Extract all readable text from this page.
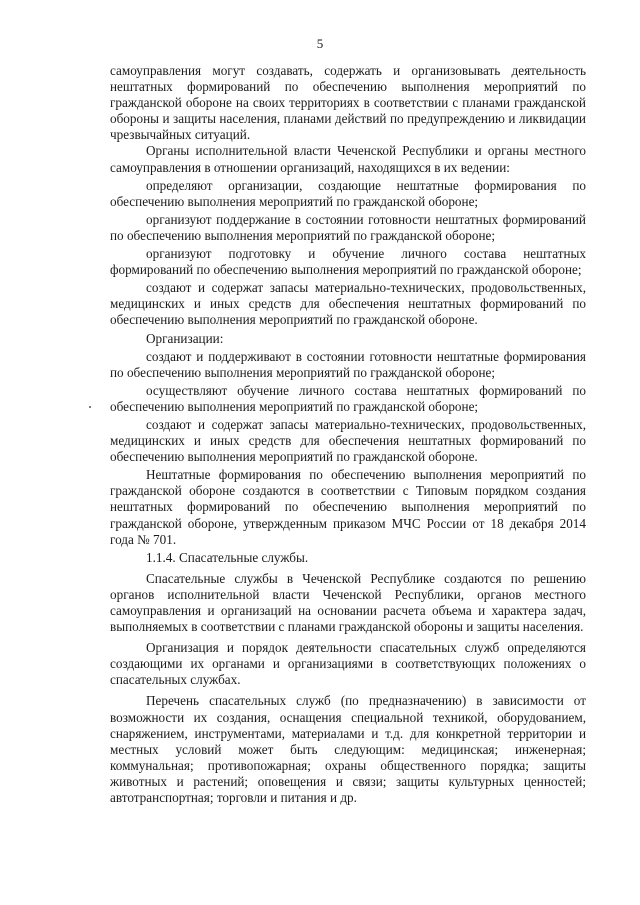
5

самоуправления могут создавать, содержать и организовывать деятельность нештатных формирований по обеспечению выполнения мероприятий по гражданской обороне на своих территориях в соответствии с планами гражданской обороны и защиты населения, планами действий по предупреждению и ликвидации чрезвычайных ситуаций.

Органы исполнительной власти Чеченской Республики и органы местного самоуправления в отношении организаций, находящихся в их ведении:

определяют организации, создающие нештатные формирования по обеспечению выполнения мероприятий по гражданской обороне;

организуют поддержание в состоянии готовности нештатных формирований по обеспечению выполнения мероприятий по гражданской обороне;

организуют подготовку и обучение личного состава нештатных формирований по обеспечению выполнения мероприятий по гражданской обороне;

создают и содержат запасы материально-технических, продовольственных, медицинских и иных средств для обеспечения нештатных формирований по обеспечению выполнения мероприятий по гражданской обороне.

Организации:

создают и поддерживают в состоянии готовности нештатные формирования по обеспечению выполнения мероприятий по гражданской обороне;

осуществляют обучение личного состава нештатных формирований по обеспечению выполнения мероприятий по гражданской обороне;

создают и содержат запасы материально-технических, продовольственных, медицинских и иных средств для обеспечения нештатных формирований по обеспечению выполнения мероприятий по гражданской обороне.

Нештатные формирования по обеспечению выполнения мероприятий по гражданской обороне создаются в соответствии с Типовым порядком создания нештатных формирований по обеспечению выполнения мероприятий по гражданской обороне, утвержденным приказом МЧС России от 18 декабря 2014 года № 701.

1.1.4. Спасательные службы.

Спасательные службы в Чеченской Республике создаются по решению органов исполнительной власти Чеченской Республики, органов местного самоуправления и организаций на основании расчета объема и характера задач, выполняемых в соответствии с планами гражданской обороны и защиты населения.

Организация и порядок деятельности спасательных служб определяются создающими их органами и организациями в соответствующих положениях о спасательных службах.

Перечень спасательных служб (по предназначению) в зависимости от возможности их создания, оснащения специальной техникой, оборудованием, снаряжением, инструментами, материалами и т.д. для конкретной территории и местных условий может быть следующим: медицинская; инженерная; коммунальная; противопожарная; охраны общественного порядка; защиты животных и растений; оповещения и связи; защиты культурных ценностей; автотранспортная; торговли и питания и др.
